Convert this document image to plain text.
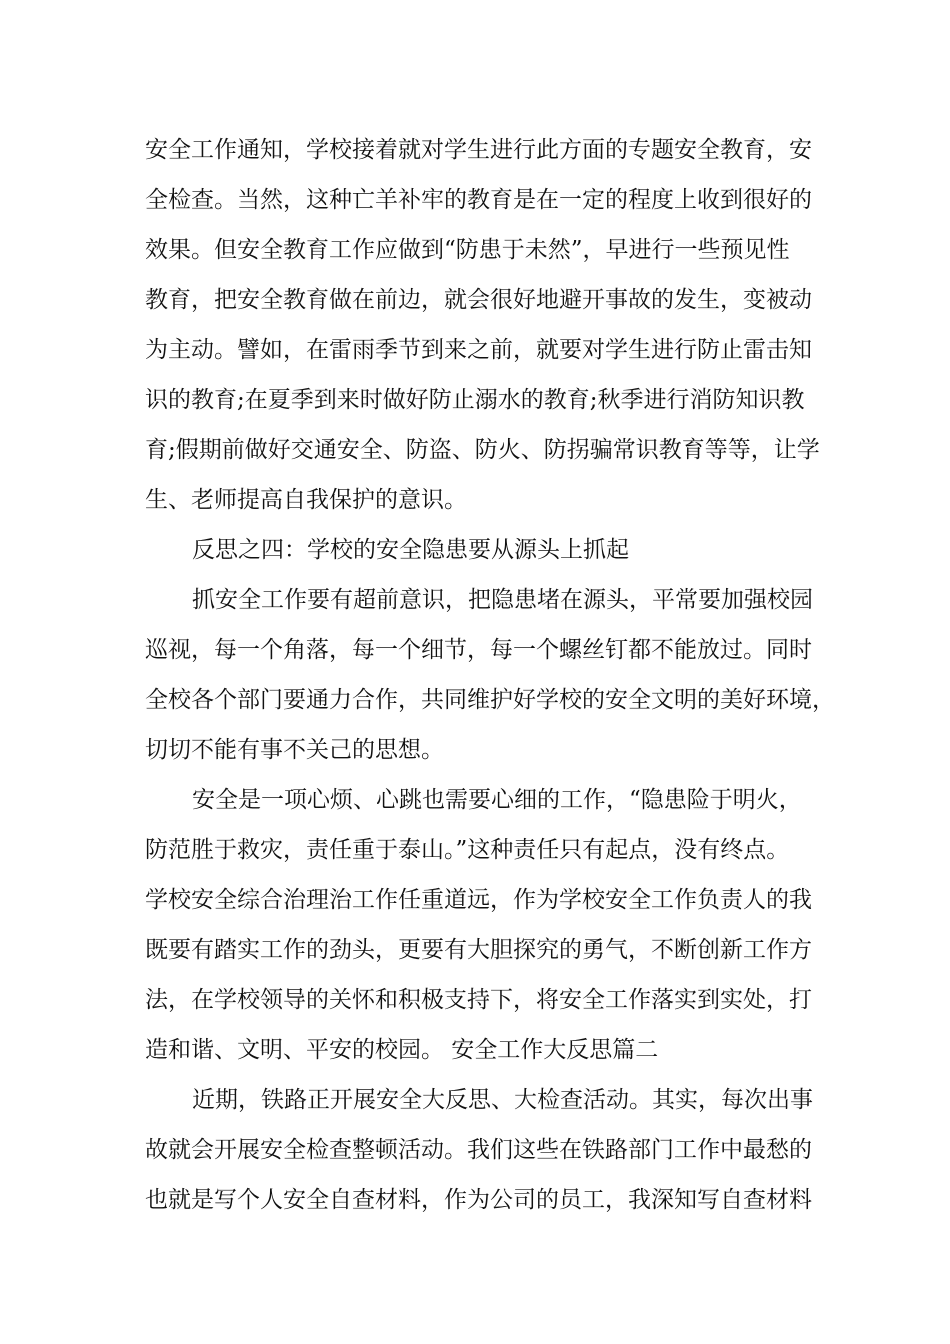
安全工作通知，学校接着就对学生进行此方面的专题安全教育，安
全检查。当然，这种亡羊补牢的教育是在一定的程度上收到很好的
效果。但安全教育工作应做到“防患于未然”，早进行一些预见性
教育，把安全教育做在前边，就会很好地避开事故的发生，变被动
为主动。譬如，在雷雨季节到来之前，就要对学生进行防止雷击知
识的教育;在夏季到来时做好防止溺水的教育;秋季进行消防知识教
育;假期前做好交通安全、防盗、防火、防拐骗常识教育等等，让学
生、老师提高自我保护的意识。
反思之四：学校的安全隐患要从源头上抓起
抓安全工作要有超前意识，把隐患堵在源头，平常要加强校园
巡视，每一个角落，每一个细节，每一个螺丝钉都不能放过。同时
全校各个部门要通力合作，共同维护好学校的安全文明的美好环境，
切切不能有事不关己的思想。
安全是一项心烦、心跳也需要心细的工作，“隐患险于明火，
防范胜于救灾，责任重于泰山。”这种责任只有起点，没有终点。
学校安全综合治理治工作任重道远，作为学校安全工作负责人的我
既要有踏实工作的劲头，更要有大胆探究的勇气，不断创新工作方
法，在学校领导的关怀和积极支持下，将安全工作落实到实处，打
造和谐、文明、平安的校园。 安全工作大反思篇二
近期，铁路正开展安全大反思、大检查活动。其实，每次出事
故就会开展安全检查整顿活动。我们这些在铁路部门工作中最愁的
也就是写个人安全自查材料，作为公司的员工，我深知写自查材料
